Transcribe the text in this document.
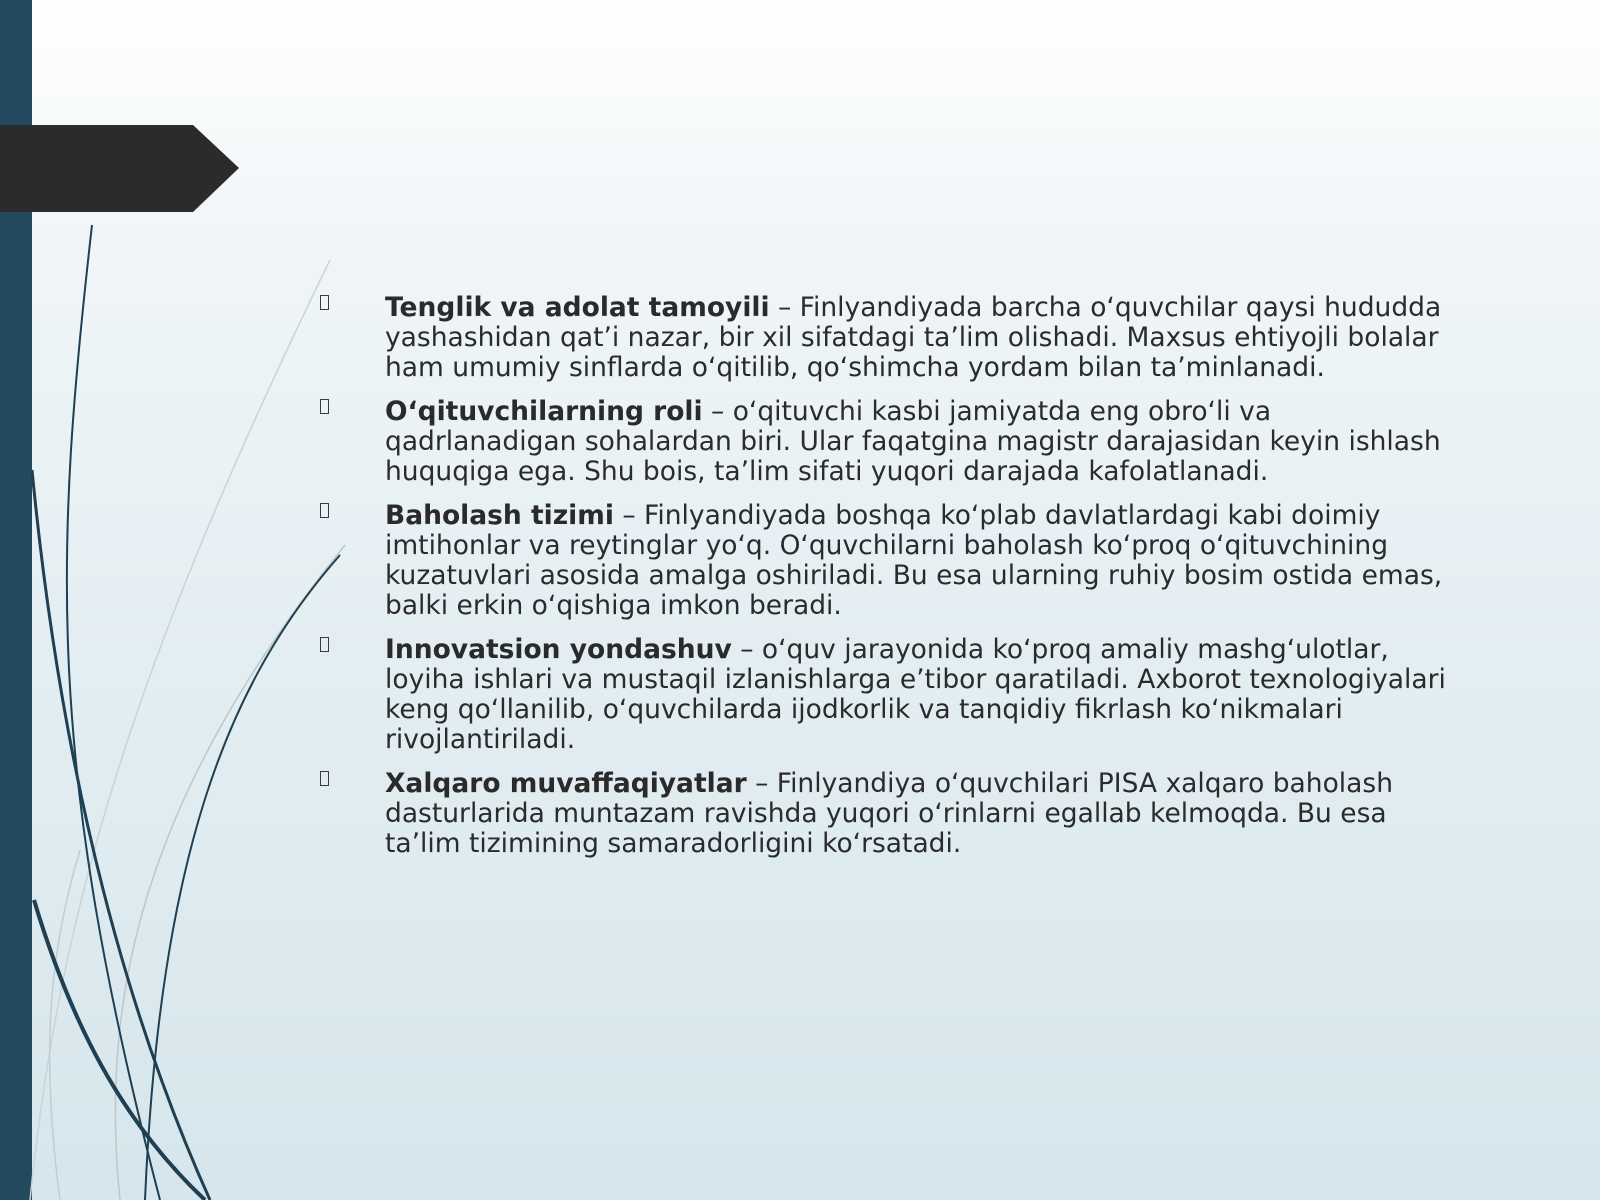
Tenglik va adolat tamoyili – Finlyandiyada barcha oʻquvchilar qaysi hududda yashashidan qatʼi nazar, bir xil sifatdagi taʼlim olishadi. Maxsus ehtiyojli bolalar ham umumiy sinflarda oʻqitilib, qoʻshimcha yordam bilan taʼminlanadi.
Oʻqituvchilarning roli – oʻqituvchi kasbi jamiyatda eng obroʻli va qadrlanadigan sohalardan biri. Ular faqatgina magistr darajasidan keyin ishlash huquqiga ega. Shu bois, taʼlim sifati yuqori darajada kafolatlanadi.
Baholash tizimi – Finlyandiyada boshqa koʻplab davlatlardagi kabi doimiy imtihonlar va reytinglar yoʻq. Oʻquvchilarni baholash koʻproq oʻqituvchining kuzatuvlari asosida amalga oshiriladi. Bu esa ularning ruhiy bosim ostida emas, balki erkin oʻqishiga imkon beradi.
Innovatsion yondashuv – oʻquv jarayonida koʻproq amaliy mashgʻulotlar, loyiha ishlari va mustaqil izlanishlarga eʼtibor qaratiladi. Axborot texnologiyalari keng qoʻllanilib, oʻquvchilarda ijodkorlik va tanqidiy fikrlash koʻnikmalari rivojlantiriladi.
Xalqaro muvaffaqiyatlar – Finlyandiya oʻquvchilari PISA xalqaro baholash dasturlarida muntazam ravishda yuqori oʻrinlarni egallab kelmoqda. Bu esa taʼlim tizimining samaradorligini koʻrsatadi.
